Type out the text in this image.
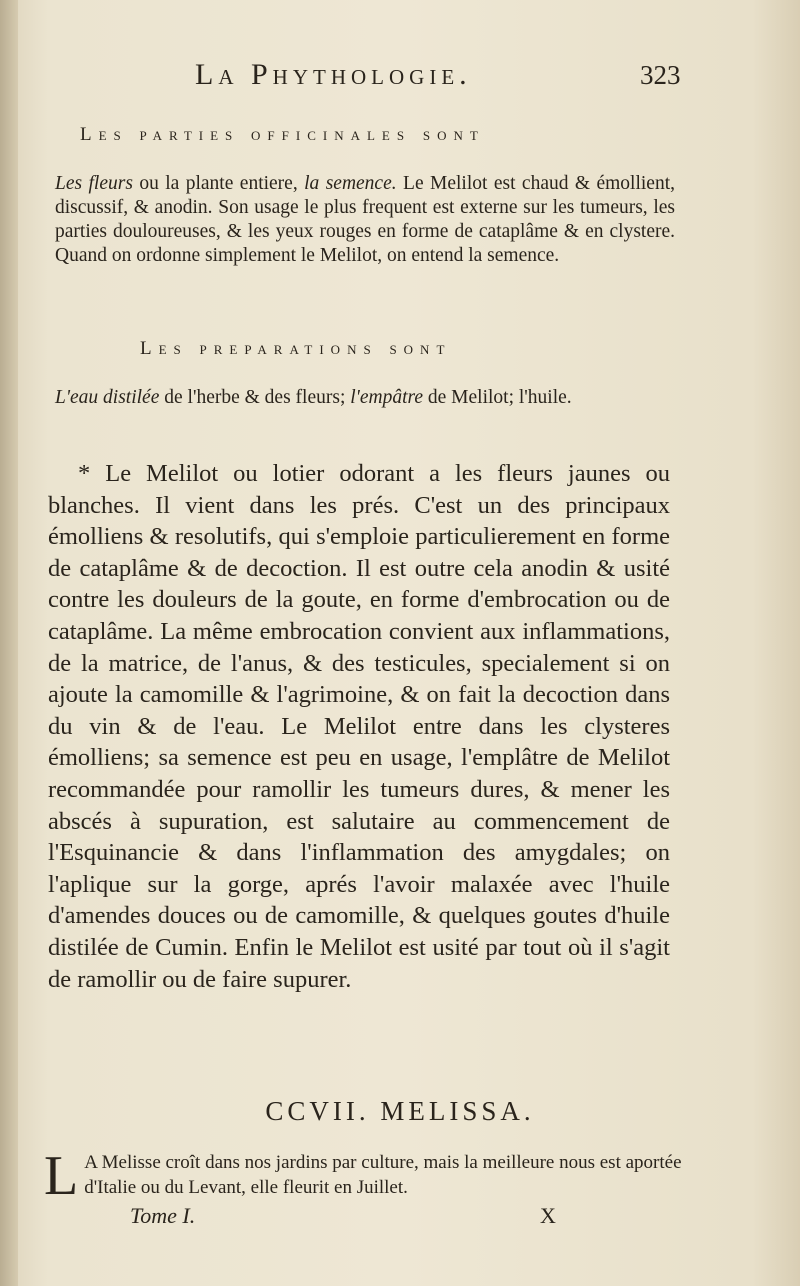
La Phythologie.	323
Les parties officinales sont

Les fleurs ou la plante entiere, la semence. Le Melilot est chaud & émollient, discussif, & anodin. Son usage le plus frequent est externe sur les tumeurs, les parties douloureuses, & les yeux rouges en forme de cataplâme & en clystere. Quand on ordonne simplement le Melilot, on entend la semence.

Les preparations sont

L'eau distilée de l'herbe & des fleurs; l'empâtre de Melilot; l'huile.

* Le Melilot ou lotier odorant a les fleurs jaunes ou blanches. Il vient dans les prés. C'est un des principaux émolliens & resolutifs, qui s'emploie particulierement en forme de cataplâme & de decoction. Il est outre cela anodin & usité contre les douleurs de la goute, en forme d'embrocation ou de cataplâme. La même embrocation convient aux inflammations, de la matrice, de l'anus, & des testicules, specialement si on ajoute la camomille & l'agrimoine, & on fait la decoction dans du vin & de l'eau. Le Melilot entre dans les clysteres émolliens; sa semence est peu en usage, l'emplâtre de Melilot recommandée pour ramollir les tumeurs dures, & mener les abscés à supuration, est salutaire au commencement de l'Esquinancie & dans l'inflammation des amygdales; on l'aplique sur la gorge, aprés l'avoir malaxée avec l'huile d'amendes douces ou de camomille, & quelques goutes d'huile distilée de Cumin. Enfin le Melilot est usité par tout où il s'agit de ramollir ou de faire supurer.

CCVII. MELISSA.
L A Melisse croît dans nos jardins par culture, mais la meilleure nous est aportée d'Italie ou du Levant, elle fleurit en Juillet.
Tome I.	X
